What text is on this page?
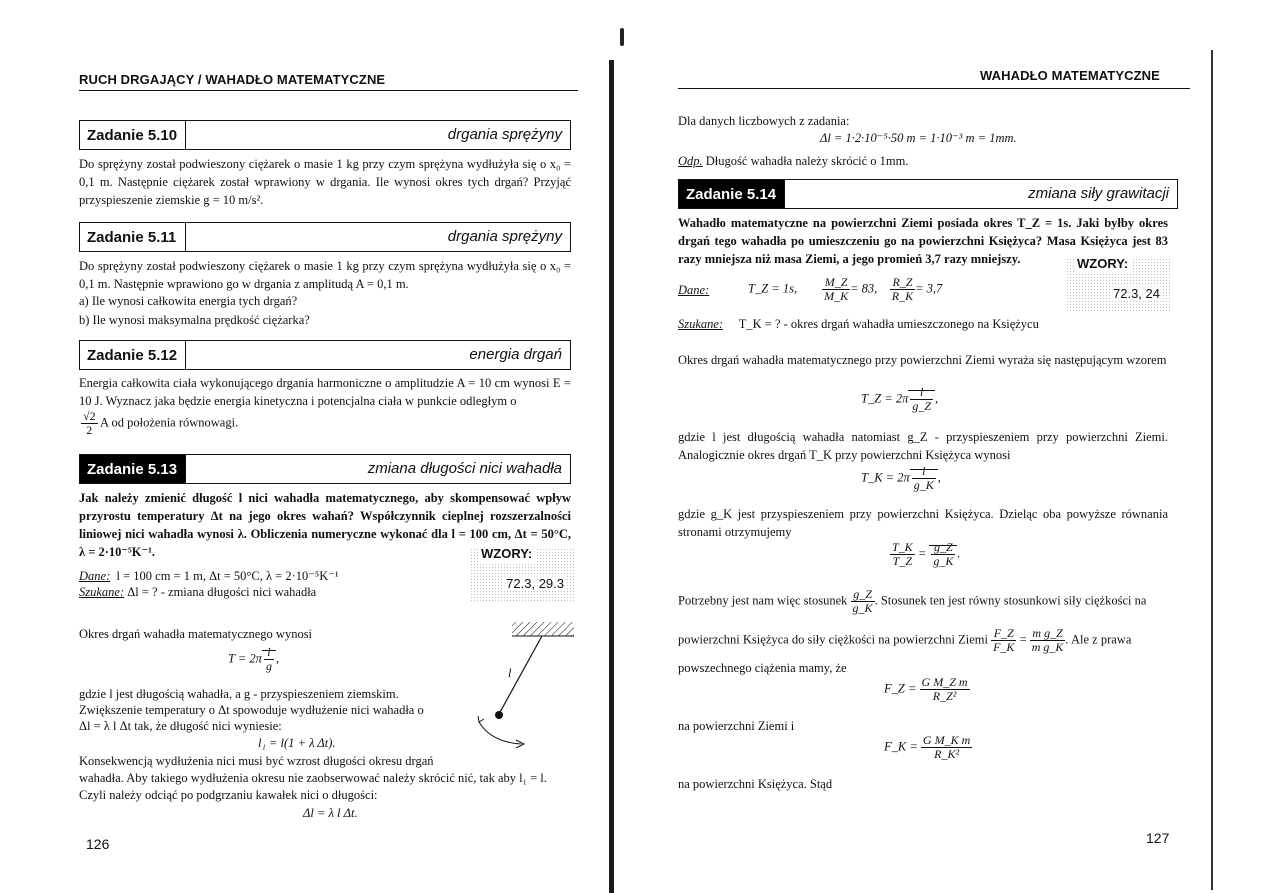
RUCH DRGAJĄCY / WAHADŁO MATEMATYCZNE
Zadanie 5.10	drgania sprężyny
Do sprężyny został podwieszony ciężarek o masie 1 kg przy czym sprężyna wydłużyła się o x₀ = 0,1 m. Następnie ciężarek został wprawiony w drgania. Ile wynosi okres tych drgań? Przyjąć przyspieszenie ziemskie g = 10 m/s².
Zadanie 5.11	drgania sprężyny
Do sprężyny został podwieszony ciężarek o masie 1 kg przy czym sprężyna wydłużyła się o x₀ = 0,1 m. Następnie wprawiono go w drgania z amplitudą A = 0,1 m.
a) Ile wynosi całkowita energia tych drgań?
b) Ile wynosi maksymalna prędkość ciężarka?
Zadanie 5.12	energia drgań
Energia całkowita ciała wykonującego drgania harmoniczne o amplitudzie A = 10 cm wynosi E = 10 J. Wyznacz jaka będzie energia kinetyczna i potencjalna ciała w punkcie odległym o
$\frac{√2}{2}$ A od położenia równowagi.
Zadanie 5.13	zmiana długości nici wahadła
Jak należy zmienić długość l nici wahadła matematycznego, aby skompensować wpływ przyrostu temperatury Δt na jego okres wahań? Współczynnik cieplnej rozszerzalności liniowej nici wahadła wynosi λ. Obliczenia numeryczne wykonać dla l = 100 cm, Δt = 50°C, λ = 2·10⁻⁵K⁻¹.	WZORY:
72.3, 29.3
Dane: l = 100 cm = 1 m, Δt = 50°C, λ = 2·10⁻⁵K⁻¹
Szukane: Δl = ? - zmiana długości nici wahadła
Okres drgań wahadła matematycznego wynosi
$T = 2\pi \frac{l}{g}$ ,
gdzie l jest długością wahadła, a g - przyspieszeniem ziemskim.
Zwiększenie temperatury o Δt spowoduje wydłużenie nici wahadła o
Δl = λ l Δt tak, że długość nici wyniesie:
l₁ = l(1 + λ Δt).
Konsekwencją wydłużenia nici musi być wzrost długości okresu drgań
wahadła. Aby takiego wydłużenia okresu nie zaobserwować należy skrócić nić, tak aby l₁ = l.
Czyli należy odciąć po podgrzaniu kawałek nici o długości:
Δl = λ l Δt.
l
126
WAHADŁO MATEMATYCZNE
Dla danych liczbowych z zadania:
Δl = 1·2·10⁻⁵·50 m = 1·10⁻³ m = 1mm.
Odp. Długość wahadła należy skrócić o 1mm.
Zadanie 5.14	zmiana siły grawitacji
Wahadło matematyczne na powierzchni Ziemi posiada okres T_Z = 1s. Jaki byłby okres drgań tego wahadła po umieszczeniu go na powierzchni Księżyca? Masa Księżyca jest 83 razy mniejsza niż masa Ziemi, a jego promień 3,7 razy mniejszy.	WZORY:
72.3, 24
Dane:	T_Z = 1s, $\frac{M\_Z}{M\_K} = 83$, $\frac{R\_Z}{R\_K} = 3,7$
Szukane: T_K = ? - okres drgań wahadła umieszczonego na Księżycu
Okres drgań wahadła matematycznego przy powierzchni Ziemi wyraża się następującym wzorem
T_Z = $2\pi \frac{l}{g\_Z}$ ,
gdzie l jest długością wahadła natomiast g_Z - przyspieszeniem przy powierzchni Ziemi. Analogicznie okres drgań T_K przy powierzchni Księżyca wynosi
T_K = $2\pi \frac{l}{g\_K}$ ,
gdzie g_K jest przyspieszeniem przy powierzchni Księżyca. Dzieląc oba powyższe równania stronami otrzymujemy
$\frac{T\_K}{T\_Z} = \frac{g\_Z}{g\_K}$ .
Potrzebny jest nam więc stosunek $\frac{g\_Z}{g\_K}$ . Stosunek ten jest równy stosunkowi siły ciężkości na
powierzchni Księżyca do siły ciężkości na powierzchni Ziemi $\frac{F\_Z}{F\_K} = \frac{\text{m g\_Z}}{\text{m g\_K}}$ . Ale z prawa
powszechnego ciążenia mamy, że
F_Z = $\frac{\text{G M\_Z m}}{\text{R\_Z²}}$
na powierzchni Ziemi i
F_K = $\frac{\text{G M\_K m}}{\text{R\_K²}}$
na powierzchni Księżyca. Stąd
127
